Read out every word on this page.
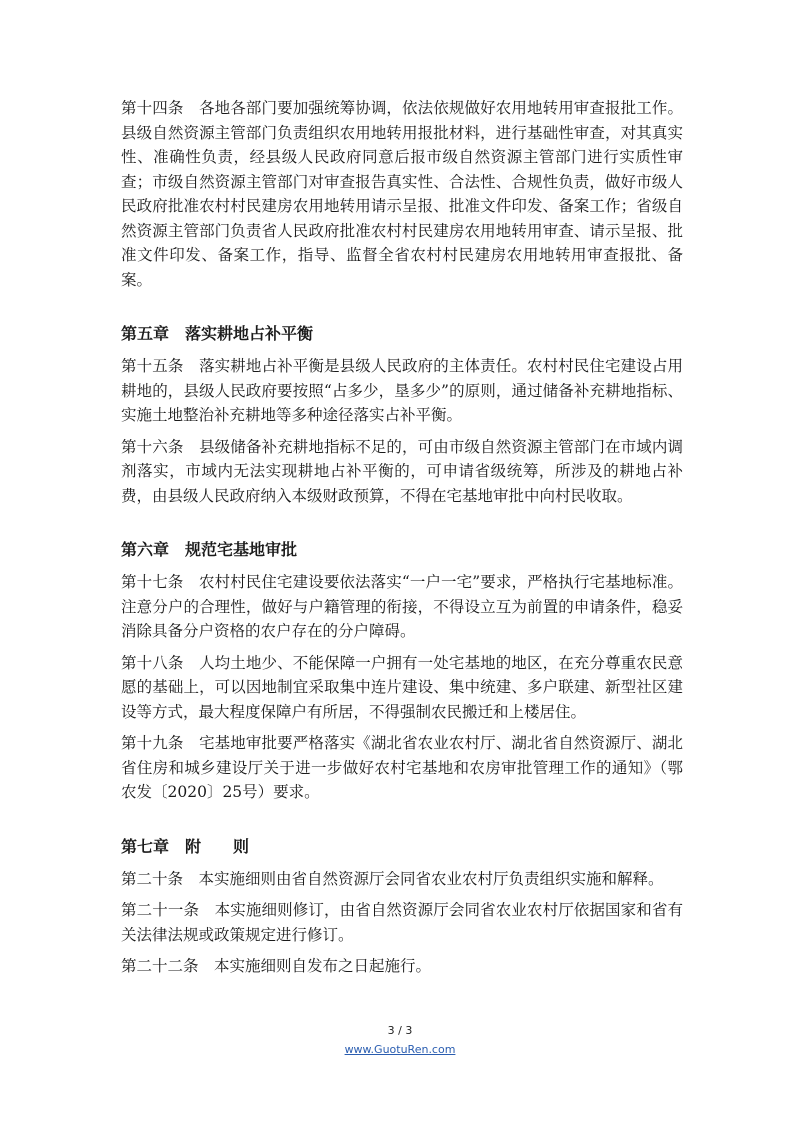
第十四条　各地各部门要加强统筹协调，依法依规做好农用地转用审查报批工作。县级自然资源主管部门负责组织农用地转用报批材料，进行基础性审查，对其真实性、准确性负责，经县级人民政府同意后报市级自然资源主管部门进行实质性审查；市级自然资源主管部门对审查报告真实性、合法性、合规性负责，做好市级人民政府批准农村村民建房农用地转用请示呈报、批准文件印发、备案工作；省级自然资源主管部门负责省人民政府批准农村村民建房农用地转用审查、请示呈报、批准文件印发、备案工作，指导、监督全省农村村民建房农用地转用审查报批、备案。

第五章　落实耕地占补平衡

第十五条　落实耕地占补平衡是县级人民政府的主体责任。农村村民住宅建设占用耕地的，县级人民政府要按照“占多少，垦多少”的原则，通过储备补充耕地指标、实施土地整治补充耕地等多种途径落实占补平衡。

第十六条　县级储备补充耕地指标不足的，可由市级自然资源主管部门在市域内调剂落实，市域内无法实现耕地占补平衡的，可申请省级统筹，所涉及的耕地占补费，由县级人民政府纳入本级财政预算，不得在宅基地审批中向村民收取。

第六章　规范宅基地审批

第十七条　农村村民住宅建设要依法落实“一户一宅”要求，严格执行宅基地标准。注意分户的合理性，做好与户籍管理的衔接，不得设立互为前置的申请条件，稳妥消除具备分户资格的农户存在的分户障碍。

第十八条　人均土地少、不能保障一户拥有一处宅基地的地区，在充分尊重农民意愿的基础上，可以因地制宜采取集中连片建设、集中统建、多户联建、新型社区建设等方式，最大程度保障户有所居，不得强制农民搬迁和上楼居住。

第十九条　宅基地审批要严格落实《湖北省农业农村厅、湖北省自然资源厅、湖北省住房和城乡建设厅关于进一步做好农村宅基地和农房审批管理工作的通知》（鄂农发〔2020〕25号）要求。

第七章　附　　则

第二十条　本实施细则由省自然资源厅会同省农业农村厅负责组织实施和解释。

第二十一条　本实施细则修订，由省自然资源厅会同省农业农村厅依据国家和省有关法律法规或政策规定进行修订。

第二十二条　本实施细则自发布之日起施行。

3 / 3
www.GuotuRen.com
